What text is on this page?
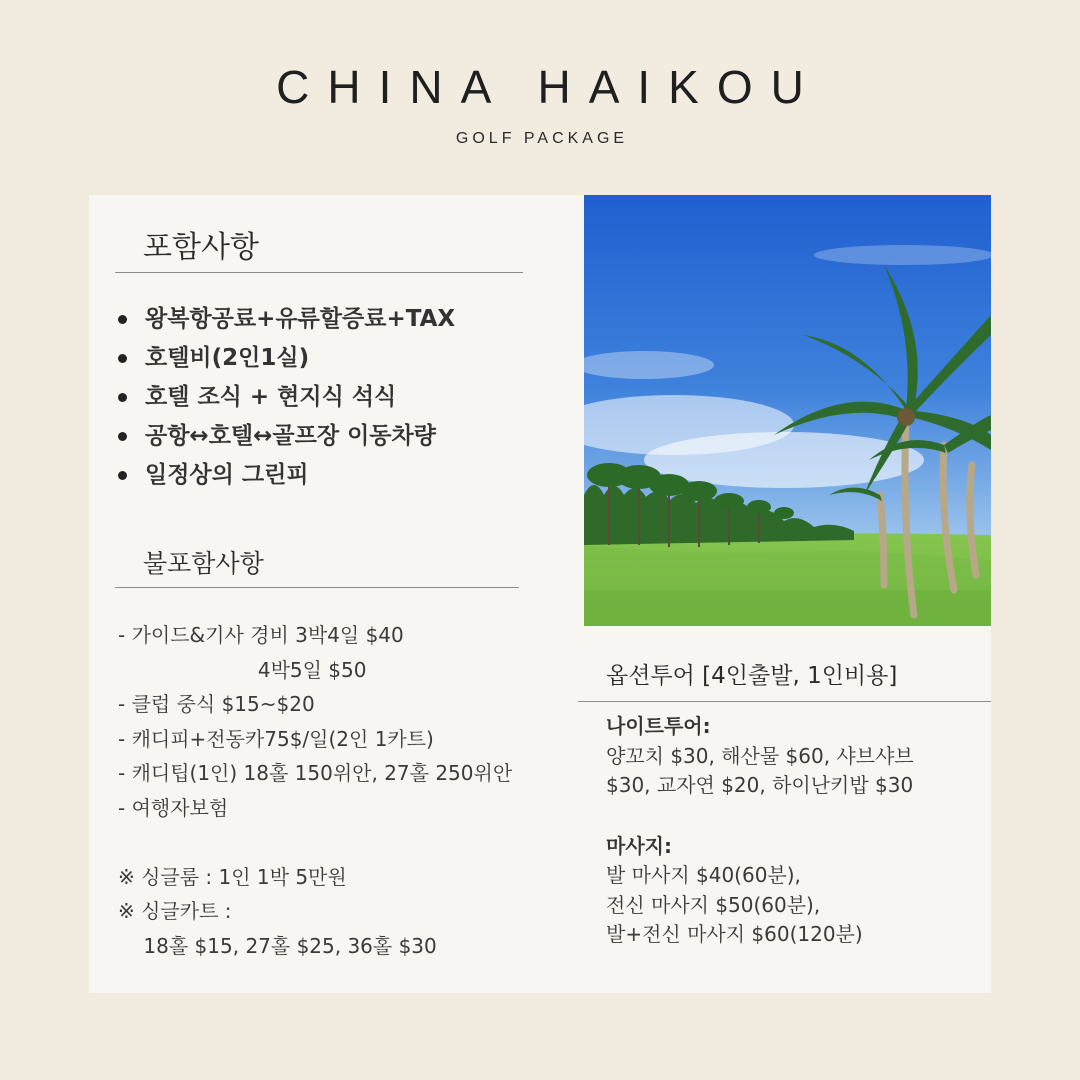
CHINA HAIKOU
GOLF PACKAGE
포함사항
왕복항공료+유류할증료+TAX
호텔비(2인1실)
호텔 조식 + 현지식 석식
공항↔호텔↔골프장 이동차량
일정상의 그린피
불포함사항
- 가이드&기사 경비 3박4일 $40
4박5일 $50
- 클럽 중식 $15~$20
- 캐디피+전동카75$/일(2인 1카트)
- 캐디팁(1인) 18홀 150위안, 27홀 250위안
- 여행자보험
※ 싱글룸 : 1인 1박 5만원
※ 싱글카트 :
18홀 $15, 27홀 $25, 36홀 $30
옵션투어 [4인출발, 1인비용]
나이트투어:
양꼬치 $30, 해산물 $60, 샤브샤브
$30, 교자연 $20, 하이난키밥 $30
마사지:
발 마사지 $40(60분),
전신 마사지 $50(60분),
발+전신 마사지 $60(120분)
